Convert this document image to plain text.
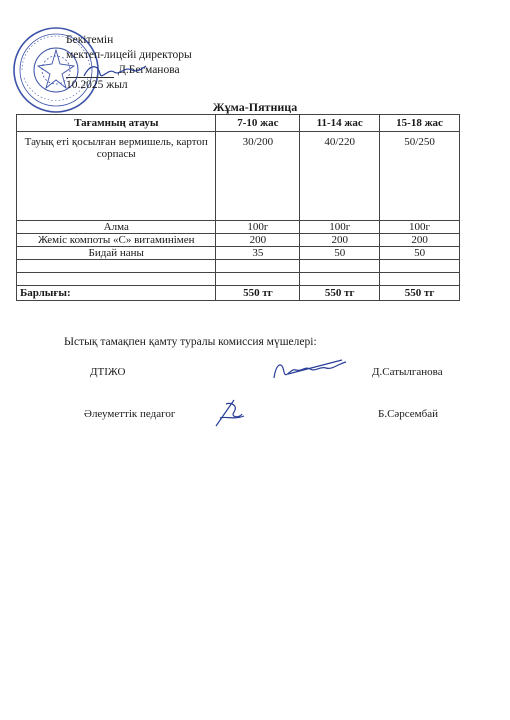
Бекітемін
мектеп-лицейі директоры
Д.Бегманова
10.2025 жыл
Жұма-Пятница
Тағамның атауы	7-10 жас	11-14 жас	15-18 жас
Тауық еті қосылған вермишель, картоп сорпасы	30/200	40/220	50/250
Алма	100г	100г	100г
Жеміс компоты «С» витаминімен	200	200	200
Бидай наны	35	50	50

Барлығы:	550 тг	550 тг	550 тг
Ыстық тамақпен қамту туралы комиссия мүшелері:
ДТІЖО	Д.Сатылганова
Әлеуметтік педагог	Б.Сәрсембай
